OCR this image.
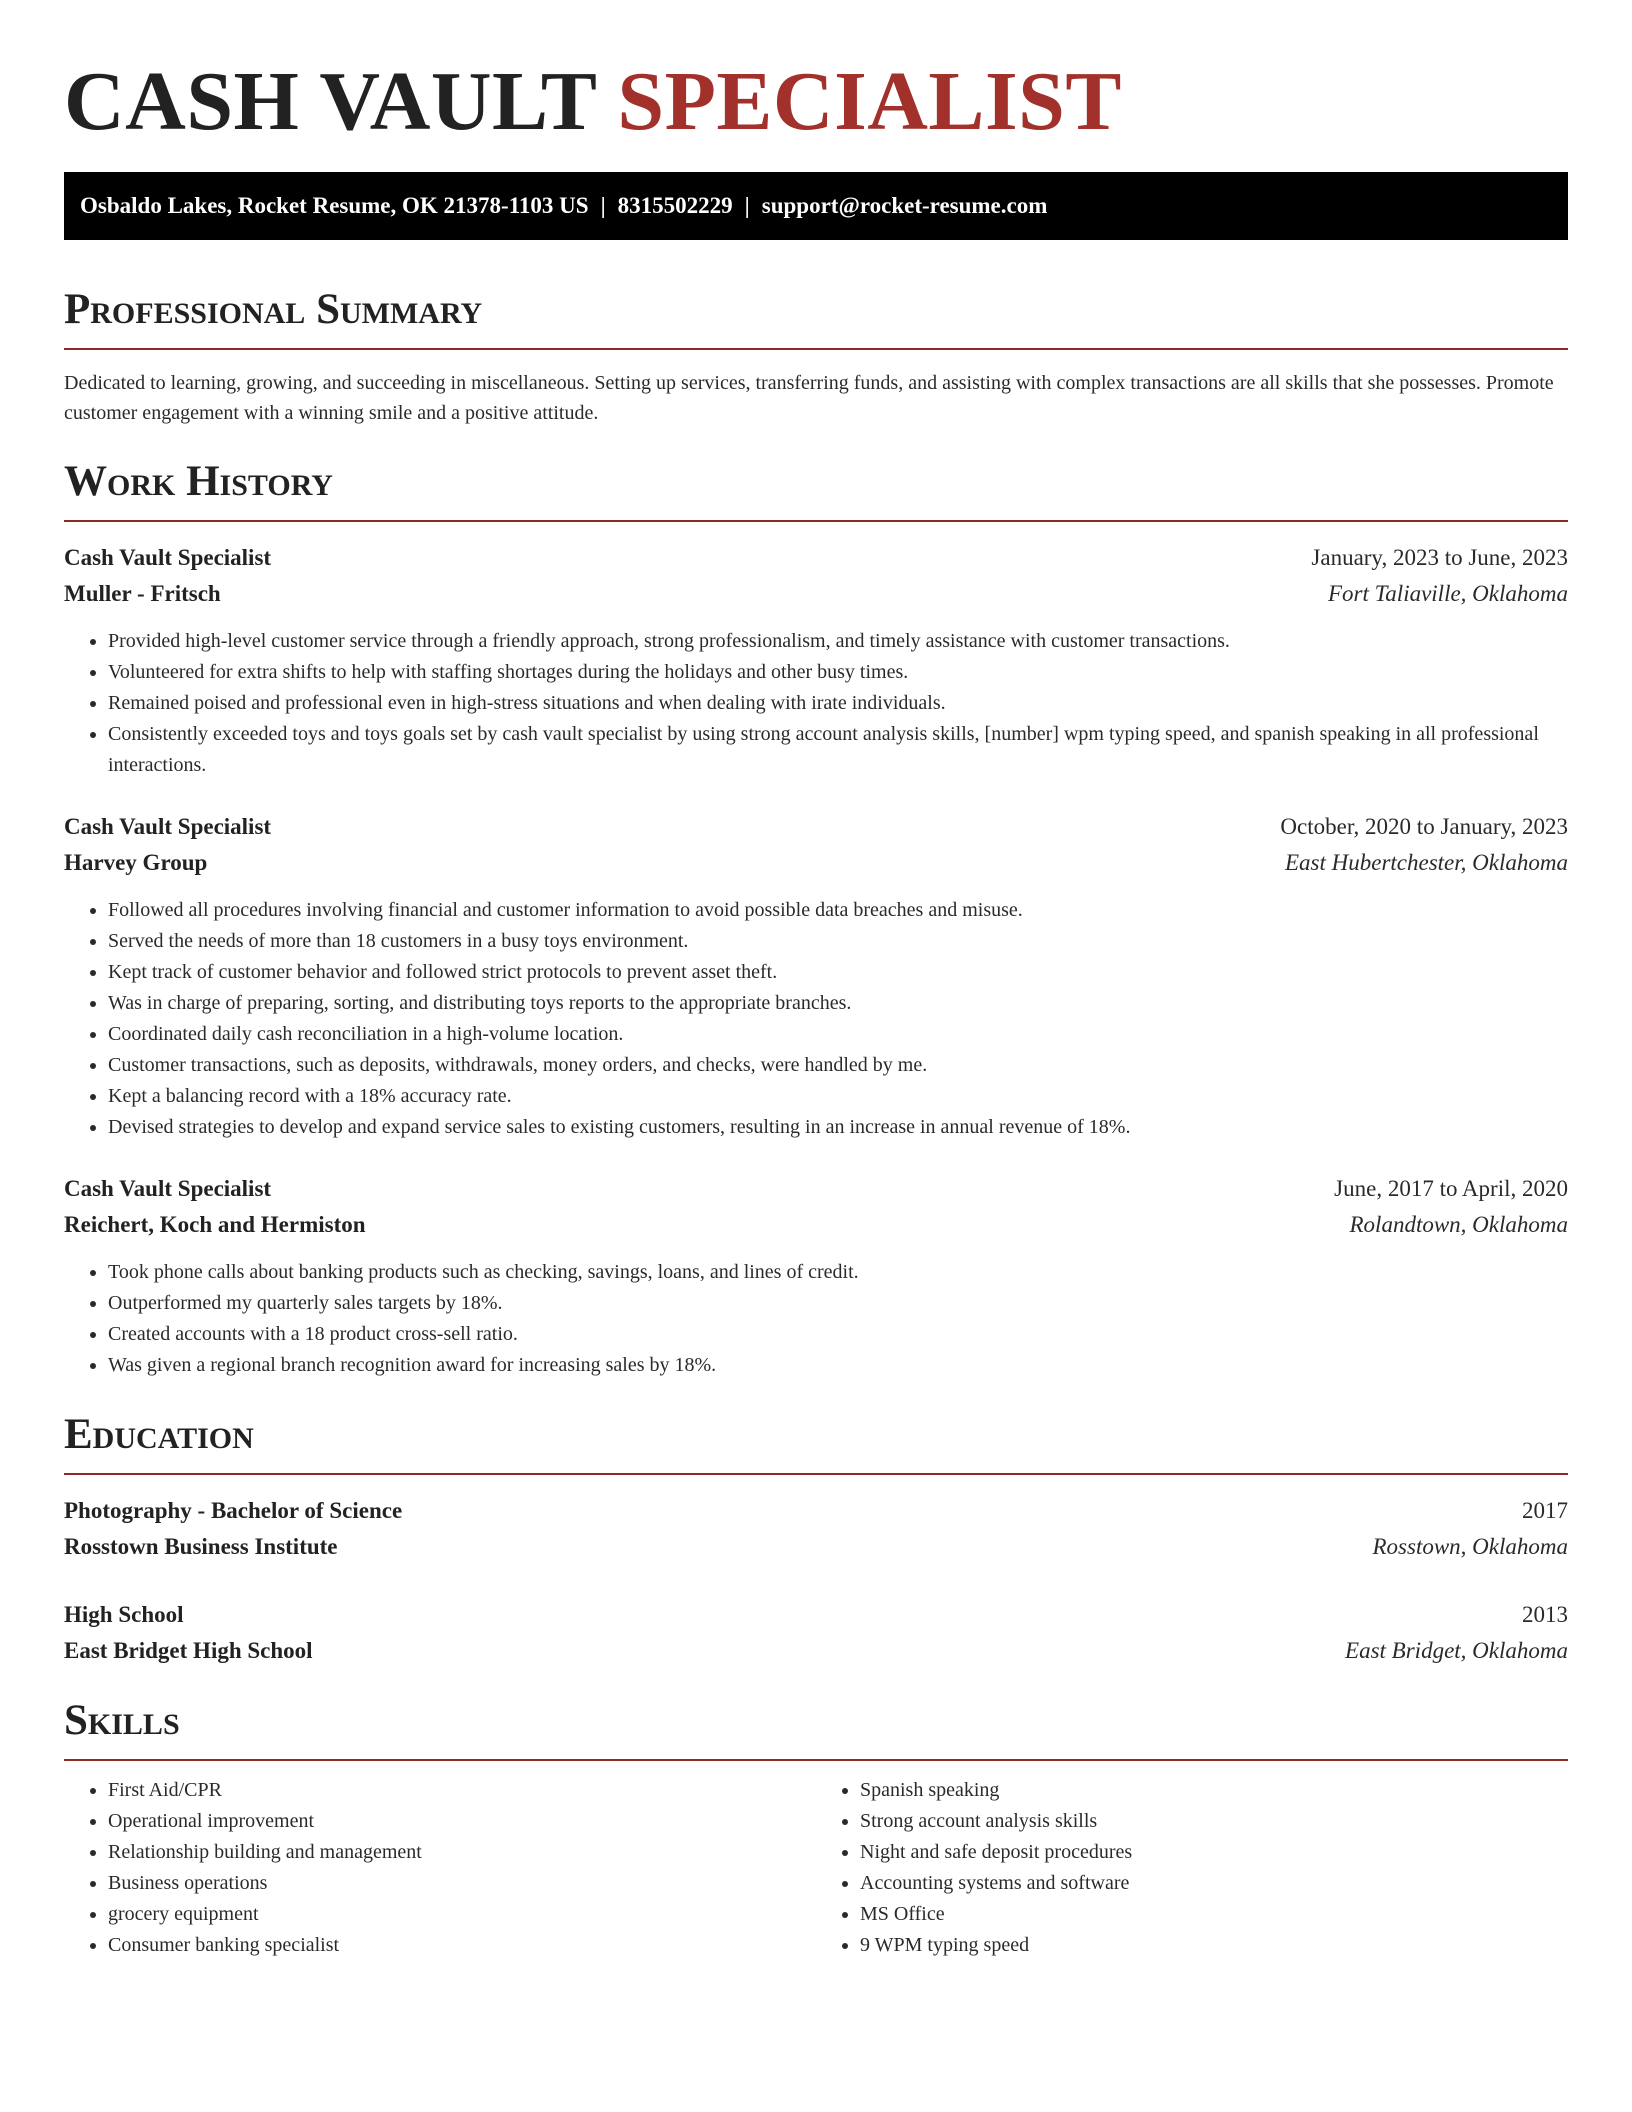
CASH VAULT SPECIALIST
Osbaldo Lakes, Rocket Resume, OK 21378-1103 US | 8315502229 | support@rocket-resume.com
Professional Summary

Dedicated to learning, growing, and succeeding in miscellaneous. Setting up services, transferring funds, and assisting with complex transactions are all skills that she possesses. Promote customer engagement with a winning smile and a positive attitude.

Work History
Cash Vault Specialist	January, 2023 to June, 2023
Muller - Fritsch	Fort Taliaville, Oklahoma
• Provided high-level customer service through a friendly approach, strong professionalism, and timely assistance with customer transactions.
• Volunteered for extra shifts to help with staffing shortages during the holidays and other busy times.
• Remained poised and professional even in high-stress situations and when dealing with irate individuals.
• Consistently exceeded toys and toys goals set by cash vault specialist by using strong account analysis skills, [number] wpm typing speed, and spanish speaking in all professional interactions.
Cash Vault Specialist	October, 2020 to January, 2023
Harvey Group	East Hubertchester, Oklahoma
• Followed all procedures involving financial and customer information to avoid possible data breaches and misuse.
• Served the needs of more than 18 customers in a busy toys environment.
• Kept track of customer behavior and followed strict protocols to prevent asset theft.
• Was in charge of preparing, sorting, and distributing toys reports to the appropriate branches.
• Coordinated daily cash reconciliation in a high-volume location.
• Customer transactions, such as deposits, withdrawals, money orders, and checks, were handled by me.
• Kept a balancing record with a 18% accuracy rate.
• Devised strategies to develop and expand service sales to existing customers, resulting in an increase in annual revenue of 18%.
Cash Vault Specialist	June, 2017 to April, 2020
Reichert, Koch and Hermiston	Rolandtown, Oklahoma
• Took phone calls about banking products such as checking, savings, loans, and lines of credit.
• Outperformed my quarterly sales targets by 18%.
• Created accounts with a 18 product cross-sell ratio.
• Was given a regional branch recognition award for increasing sales by 18%.
Education
Photography - Bachelor of Science	2017
Rosstown Business Institute	Rosstown, Oklahoma
High School	2013
East Bridget High School	East Bridget, Oklahoma
Skills
• First Aid/CPR
• Operational improvement
• Relationship building and management
• Business operations
• grocery equipment
• Consumer banking specialist
• Spanish speaking
• Strong account analysis skills
• Night and safe deposit procedures
• Accounting systems and software
• MS Office
• 9 WPM typing speed
